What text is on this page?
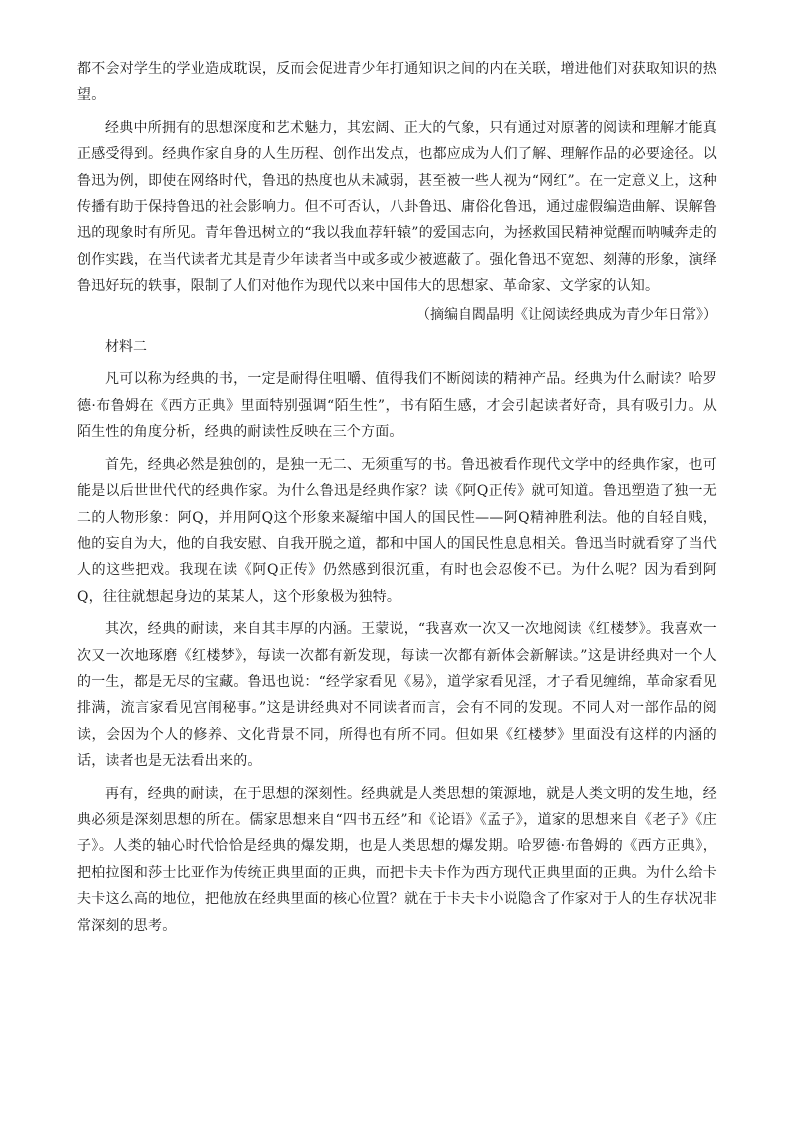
都不会对学生的学业造成耽误，反而会促进青少年打通知识之间的内在关联，增进他们对获取知识的热望。

经典中所拥有的思想深度和艺术魅力，其宏阔、正大的气象，只有通过对原著的阅读和理解才能真正感受得到。经典作家自身的人生历程、创作出发点，也都应成为人们了解、理解作品的必要途径。以鲁迅为例，即使在网络时代，鲁迅的热度也从未减弱，甚至被一些人视为“网红”。在一定意义上，这种传播有助于保持鲁迅的社会影响力。但不可否认，八卦鲁迅、庸俗化鲁迅，通过虚假编造曲解、误解鲁迅的现象时有所见。青年鲁迅树立的“我以我血荐轩辕”的爱国志向，为拯救国民精神觉醒而呐喊奔走的创作实践，在当代读者尤其是青少年读者当中或多或少被遮蔽了。强化鲁迅不宽恕、刻薄的形象，演绎鲁迅好玩的轶事，限制了人们对他作为现代以来中国伟大的思想家、革命家、文学家的认知。

（摘编自閻晶明《让阅读经典成为青少年日常》）

材料二

凡可以称为经典的书，一定是耐得住咀嚼、值得我们不断阅读的精神产品。经典为什么耐读？哈罗德·布鲁姆在《西方正典》里面特别强调“陌生性”，书有陌生感，才会引起读者好奇，具有吸引力。从陌生性的角度分析，经典的耐读性反映在三个方面。

首先，经典必然是独创的，是独一无二、无须重写的书。鲁迅被看作现代文学中的经典作家，也可能是以后世世代代的经典作家。为什么鲁迅是经典作家？读《阿Q正传》就可知道。鲁迅塑造了独一无二的人物形象：阿Q，并用阿Q这个形象来凝缩中国人的国民性——阿Q精神胜利法。他的自轻自贱，他的妄自为大，他的自我安慰、自我开脱之道，都和中国人的国民性息息相关。鲁迅当时就看穿了当代人的这些把戏。我现在读《阿Q正传》仍然感到很沉重，有时也会忍俊不已。为什么呢？因为看到阿Q，往往就想起身边的某某人，这个形象极为独特。

其次，经典的耐读，来自其丰厚的内涵。王蒙说，“我喜欢一次又一次地阅读《红楼梦》。我喜欢一次又一次地琢磨《红楼梦》，每读一次都有新发现，每读一次都有新体会新解读。”这是讲经典对一个人的一生，都是无尽的宝藏。鲁迅也说：“经学家看见《易》，道学家看见淫，才子看见缠绵，革命家看见排满，流言家看见宫闱秘事。”这是讲经典对不同读者而言，会有不同的发现。不同人对一部作品的阅读，会因为个人的修养、文化背景不同，所得也有所不同。但如果《红楼梦》里面没有这样的内涵的话，读者也是无法看出来的。

再有，经典的耐读，在于思想的深刻性。经典就是人类思想的策源地，就是人类文明的发生地，经典必须是深刻思想的所在。儒家思想来自“四书五经”和《论语》《孟子》，道家的思想来自《老子》《庄子》。人类的轴心时代恰恰是经典的爆发期，也是人类思想的爆发期。哈罗德·布鲁姆的《西方正典》，把柏拉图和莎士比亚作为传统正典里面的正典，而把卡夫卡作为西方现代正典里面的正典。为什么给卡夫卡这么高的地位，把他放在经典里面的核心位置？就在于卡夫卡小说隐含了作家对于人的生存状况非常深刻的思考。
